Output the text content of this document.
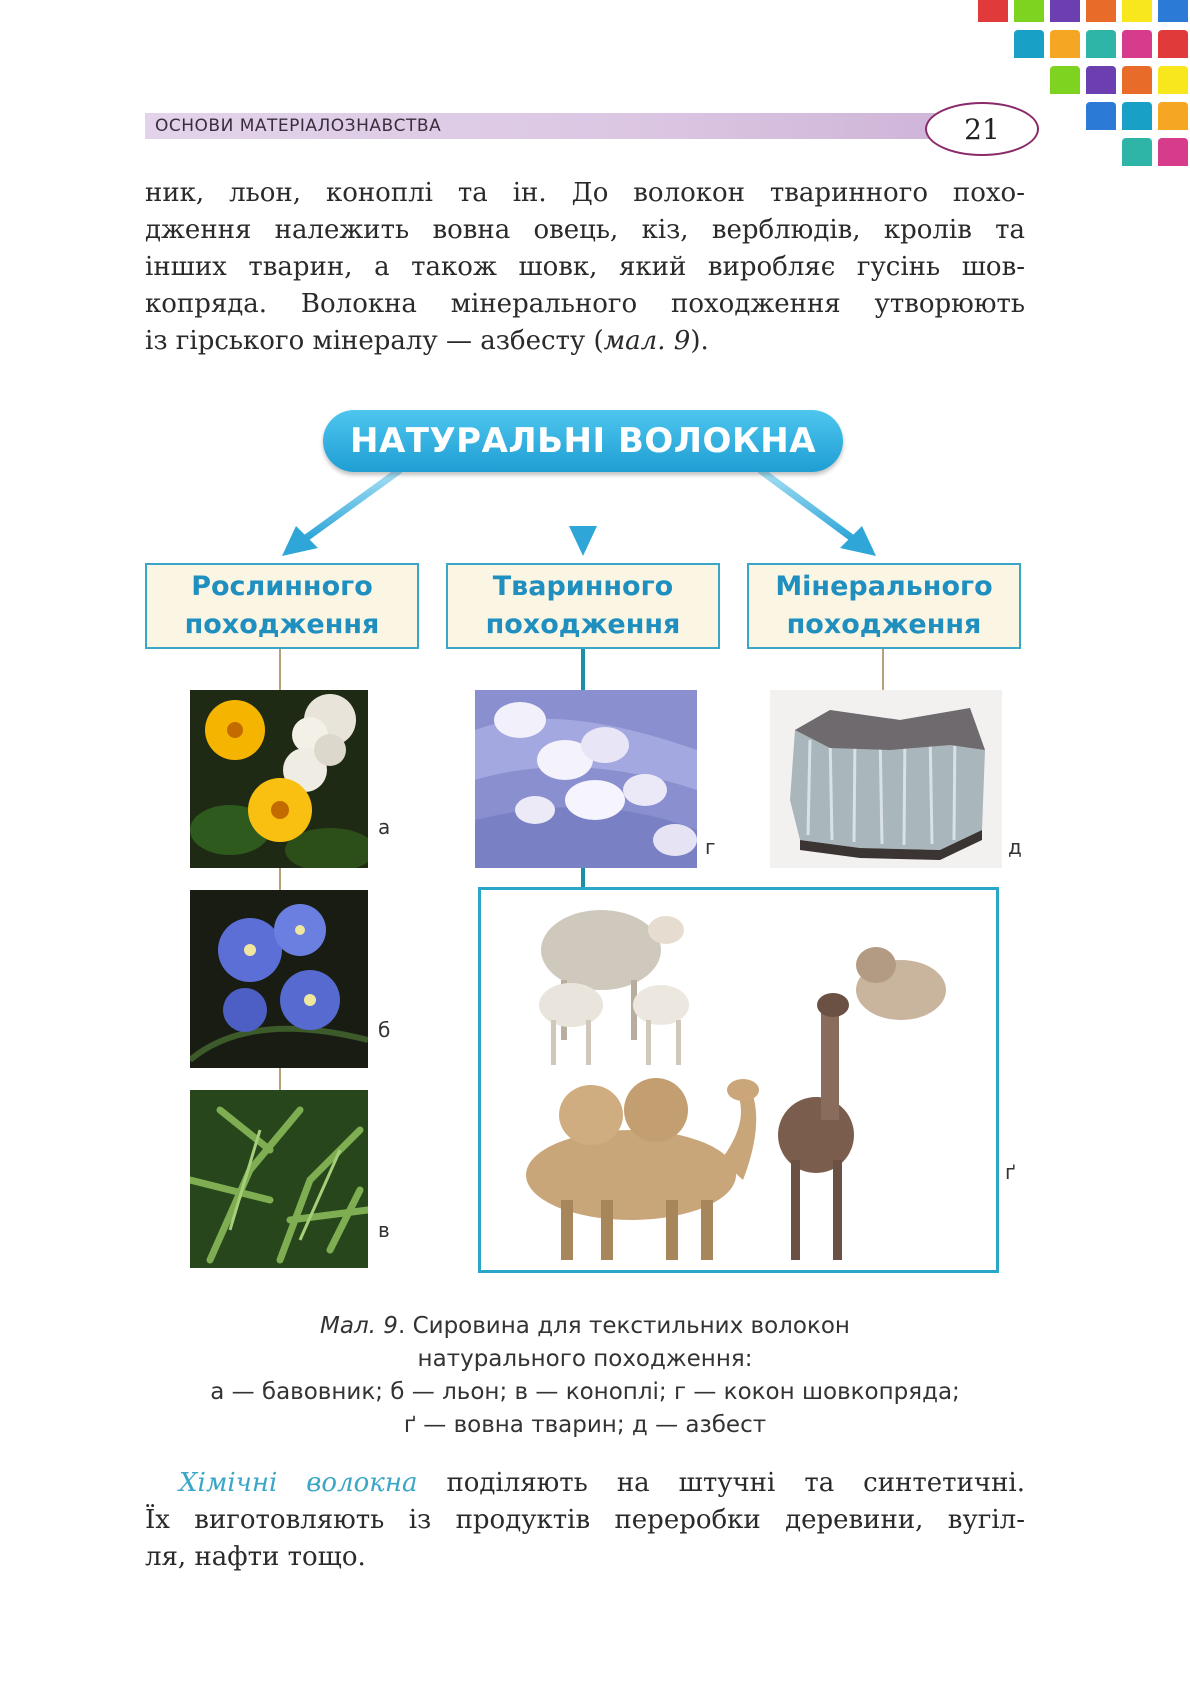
ОСНОВИ МАТЕРІАЛОЗНАВСТВА	21

ник, льон, коноплі та ін. До волокон тваринного похо-

дження належить вовна овець, кіз, верблюдів, кролів та

інших тварин, а також шовк, який виробляє гусінь шов-

копряда. Волокна мінерального походження утворюють

із гірського мінералу — азбесту (мал. 9).

НАТУРАЛЬНІ ВОЛОКНА
Рослинного
походження
Тваринного
походження
Мінерального
походження
а
б
в
г	д
ґ
Мал. 9. Сировина для текстильних волокон
натурального походження:
а — бавовник; б — льон; в — коноплі; г — кокон шовкопряда;
ґ — вовна тварин; д — азбест

Хімічні волокна поділяють на штучні та синтетичні.

Їх виготовляють із продуктів переробки деревини, вугіл-

ля, нафти тощо.
